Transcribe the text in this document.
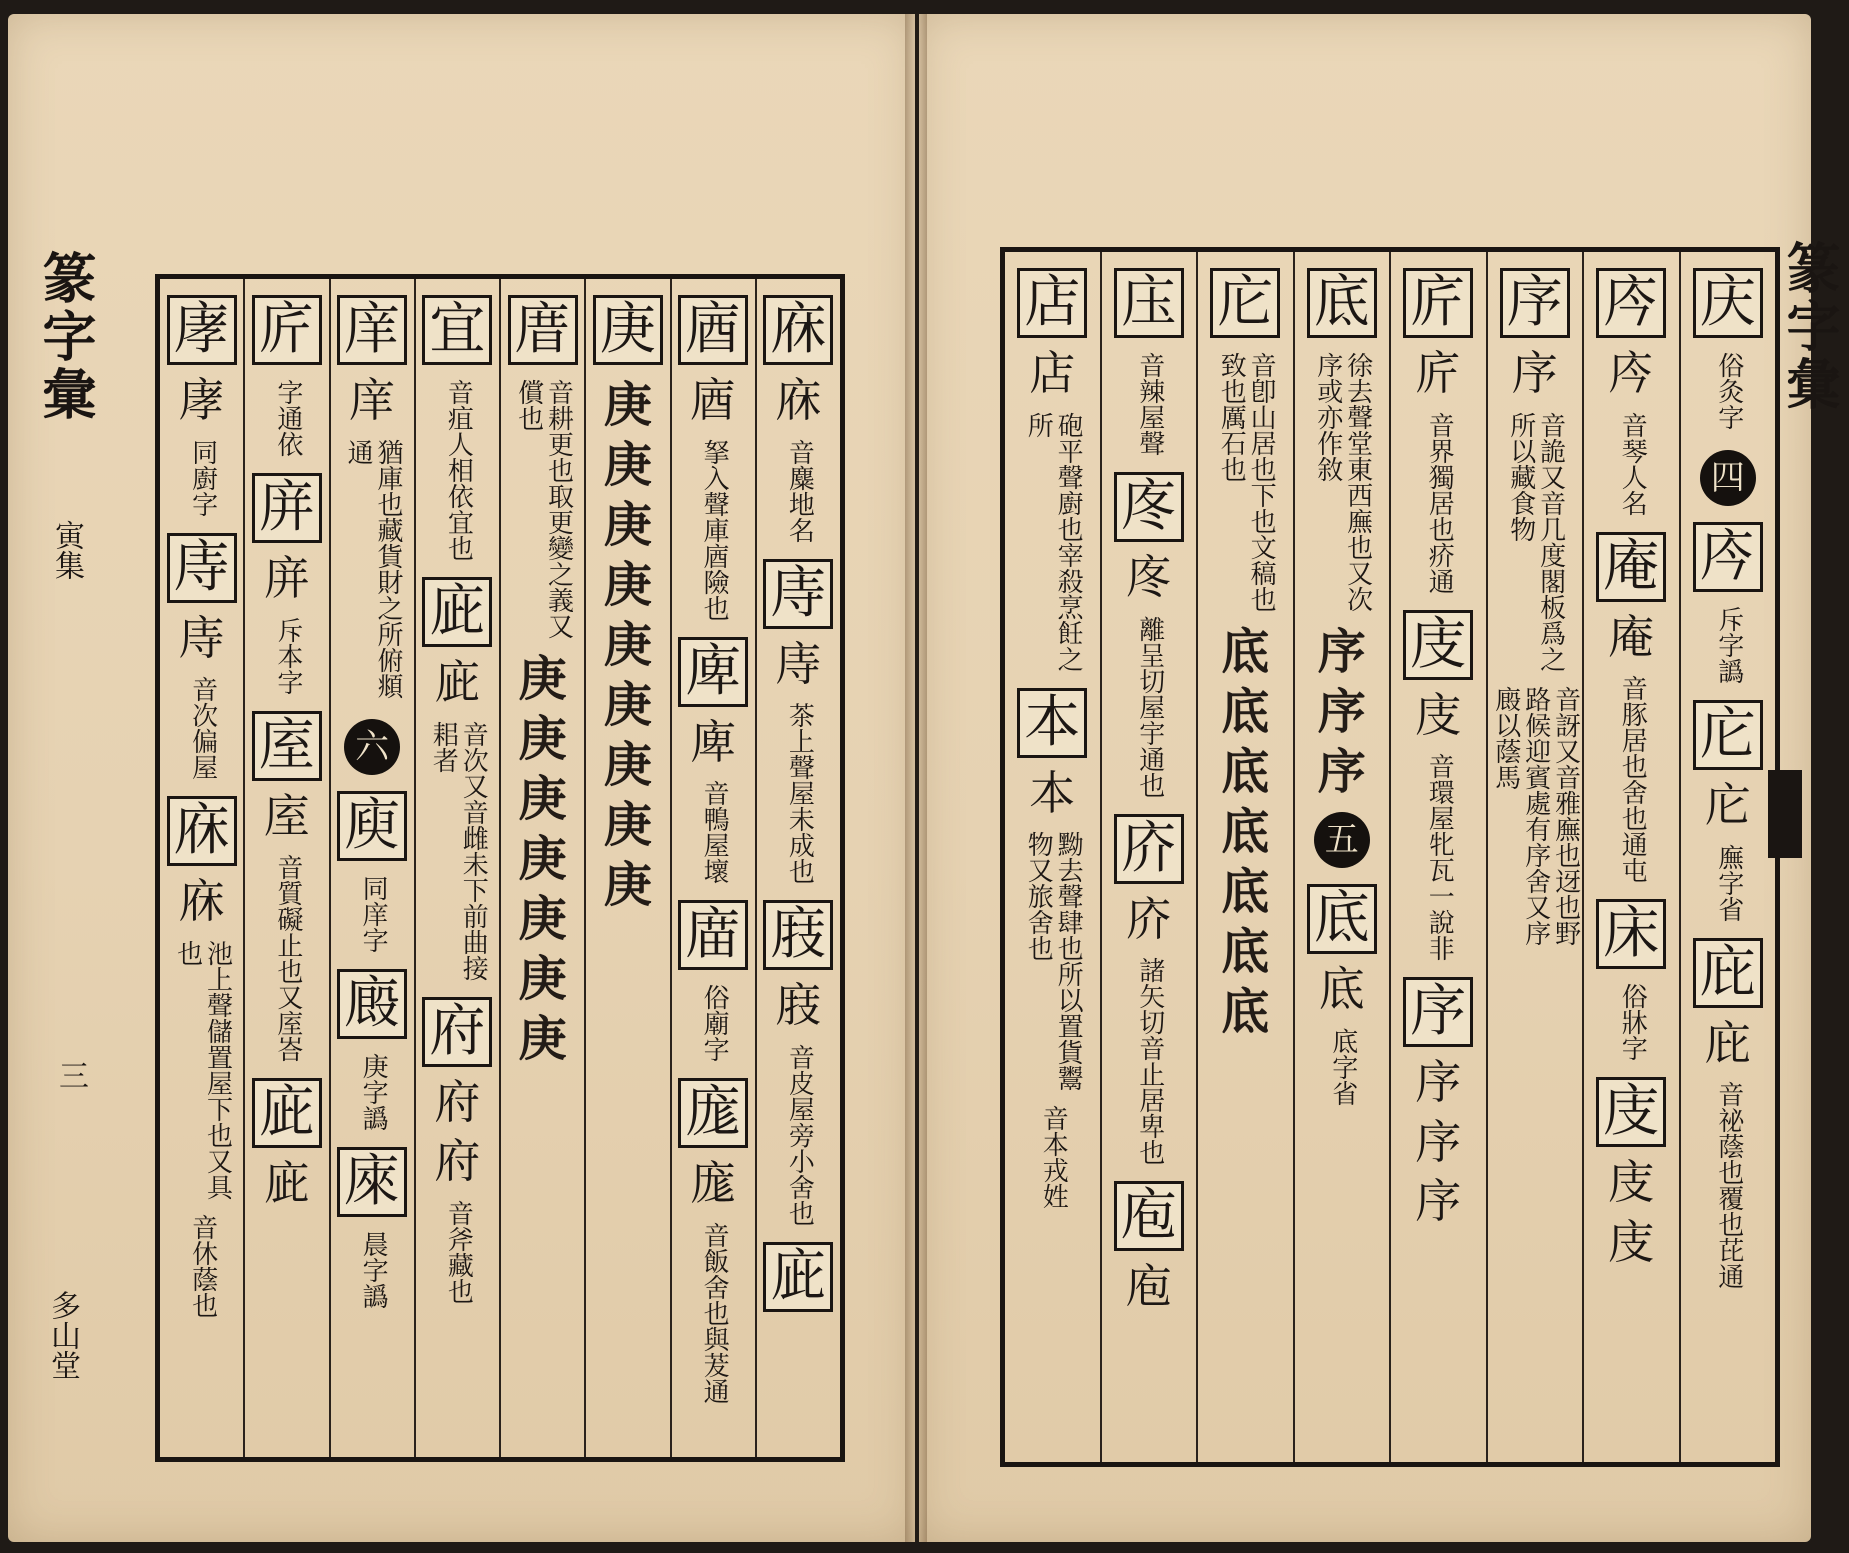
篆字彙
寅集
三
多山堂
篆字彙
庥
庥
音麋地名
庤
庤
茶上聲屋未成也
庪
庪
音皮屋旁小舍也
庛
庮
庮
拏入聲庫庮險也
庳
庳
音鴨屋壞
庿
俗廟字
庬
庬
音飯舍也與茇通
庚
庚
庚
庚
庚
庚
庚
庚
庚
庚
庴
音耕更也取更變之義又償也
庚
庚
庚
庚
庚
庚
庚
宜
音疽人相依宜也
庛
庛
音次又音雌未下前曲接耜者
府
府
府
音斧藏也
庠
庠
猶庫也藏貨財之所俯頫通
六
庾
同庠字
廄
庚字譌
庲
晨字譌
庍
字通依
庰
庰
斥本字
庢
庢
音質礙止也又庢峇
庛
庛
庨
庨
同廚字
庤
庤
音次偏屋
庥
庥
池上聲儲置屋下也又具也
音休蔭也
庆
俗灸字
四
庈
斥字譌
庀
庀
廡字省
庇
庇
音祕蔭也覆也芘通
庈
庈
音琴人名
庵
庵
音豚居也舍也通屯
床
俗牀字
庋
庋
庋
序
序
音詭又音几度閣板爲之所以藏食物
音訝又音雅廡也迓也野路候迎賓處有序舍又序廄以蔭馬
庍
庍
音界獨居也疥通
庋
庋
音環屋牝瓦一說非
序
序
序
序
底
徐去聲堂東西廡也又次序或亦作敘
序
序
序
五
底
底
底字省
庀
音卽山居也下也文稿也致也厲石也
底
底
底
底
底
底
底
庒
音辣屋聲
庝
庝
離呈切屋宇通也
庎
庎
諸矢切音止居卑也
庖
庖
店
店
砲平聲廚也宰殺烹飪之所
本
本
黝去聲肆也所以置貨鬻物又旅舍也
音本戎姓
